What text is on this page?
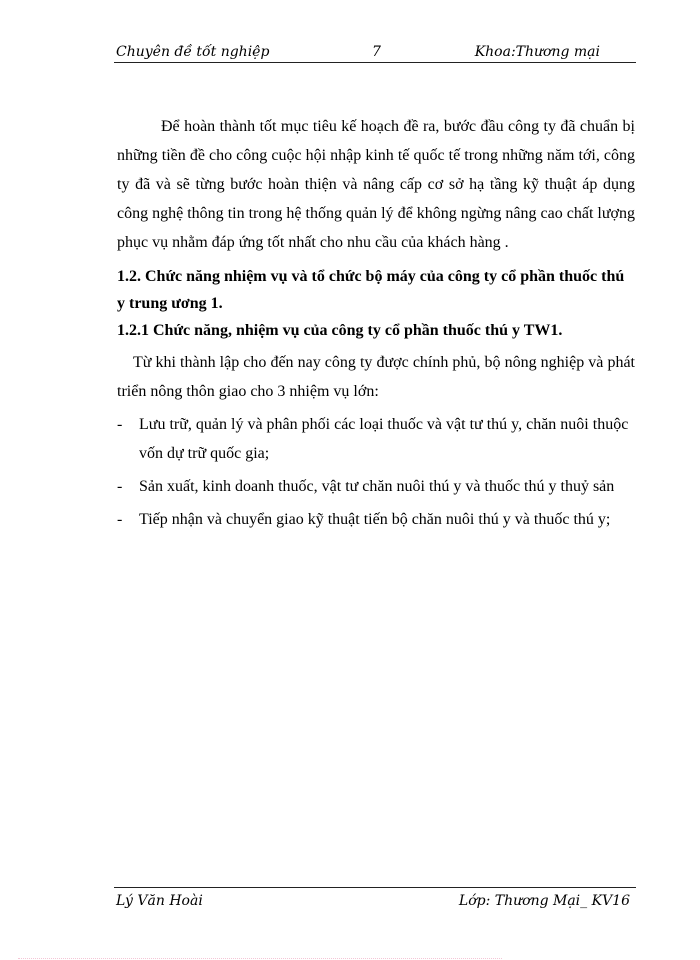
Chuyên đề tốt nghiệp	7	Khoa:Thương mại

Để hoàn thành tốt mục tiêu kế hoạch đề ra, bước đầu công ty đã chuẩn bị những tiền đề cho công cuộc hội nhập kinh tế quốc tế trong những năm tới, công ty đã và sẽ từng bước hoàn thiện và nâng cấp cơ sở hạ tầng kỹ thuật áp dụng công nghệ thông tin trong hệ thống quản lý để không ngừng nâng cao chất lượng phục vụ nhằm đáp ứng tốt nhất cho nhu cầu của khách hàng .

1.2. Chức năng nhiệm vụ và tổ chức bộ máy của công ty cổ phần thuốc thú y trung ương 1.

1.2.1 Chức năng, nhiệm vụ của công ty cổ phần thuốc thú y TW1.

Từ khi thành lập cho đến nay công ty được chính phủ, bộ nông nghiệp và phát triển nông thôn giao cho 3 nhiệm vụ lớn:

- Lưu trữ, quản lý và phân phối các loại thuốc và vật tư thú y, chăn nuôi thuộc vốn dự trữ quốc gia;

- Sản xuất, kinh doanh thuốc, vật tư chăn nuôi thú y và thuốc thú y thuỷ sản

- Tiếp nhận và chuyển giao kỹ thuật tiến bộ chăn nuôi thú y và thuốc thú y;

Lý Văn Hoài	Lớp: Thương Mại_ KV16
